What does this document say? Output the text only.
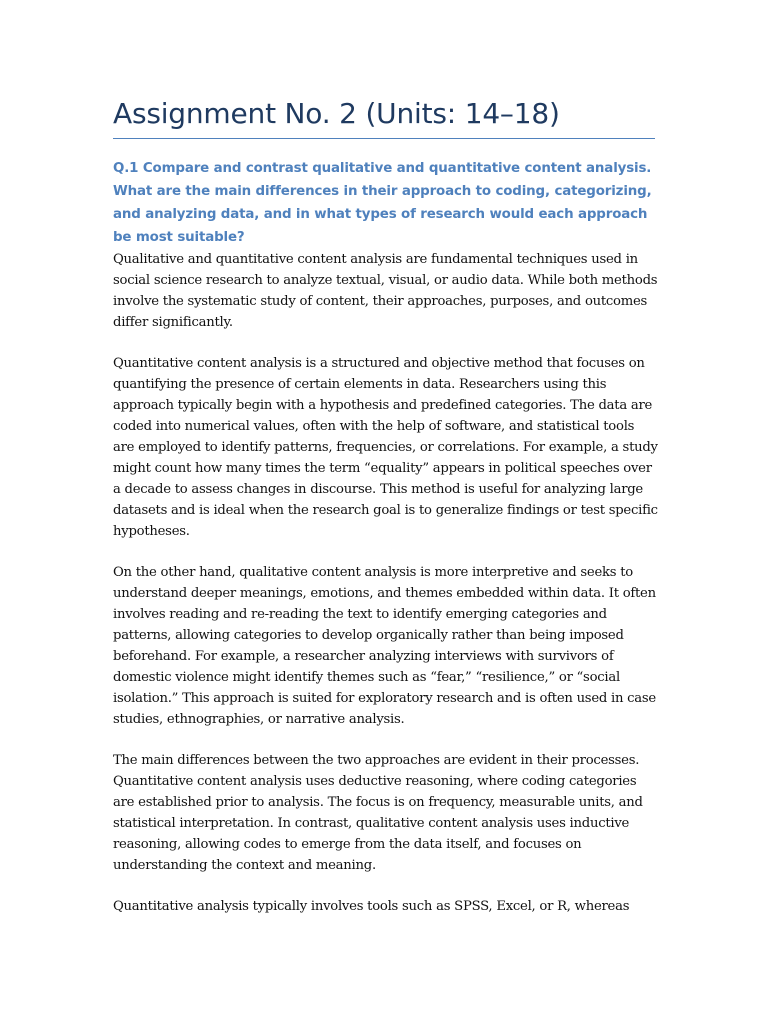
Assignment No. 2 (Units: 14–18)

Q.1 Compare and contrast qualitative and quantitative content analysis. What are the main differences in their approach to coding, categorizing, and analyzing data, and in what types of research would each approach be most suitable?

Qualitative and quantitative content analysis are fundamental techniques used in social science research to analyze textual, visual, or audio data. While both methods involve the systematic study of content, their approaches, purposes, and outcomes differ significantly.

Quantitative content analysis is a structured and objective method that focuses on quantifying the presence of certain elements in data. Researchers using this approach typically begin with a hypothesis and predefined categories. The data are coded into numerical values, often with the help of software, and statistical tools are employed to identify patterns, frequencies, or correlations. For example, a study might count how many times the term “equality” appears in political speeches over a decade to assess changes in discourse. This method is useful for analyzing large datasets and is ideal when the research goal is to generalize findings or test specific hypotheses.

On the other hand, qualitative content analysis is more interpretive and seeks to understand deeper meanings, emotions, and themes embedded within data. It often involves reading and re-reading the text to identify emerging categories and patterns, allowing categories to develop organically rather than being imposed beforehand. For example, a researcher analyzing interviews with survivors of domestic violence might identify themes such as “fear,” “resilience,” or “social isolation.” This approach is suited for exploratory research and is often used in case studies, ethnographies, or narrative analysis.

The main differences between the two approaches are evident in their processes. Quantitative content analysis uses deductive reasoning, where coding categories are established prior to analysis. The focus is on frequency, measurable units, and statistical interpretation. In contrast, qualitative content analysis uses inductive reasoning, allowing codes to emerge from the data itself, and focuses on understanding the context and meaning.

Quantitative analysis typically involves tools such as SPSS, Excel, or R, whereas
